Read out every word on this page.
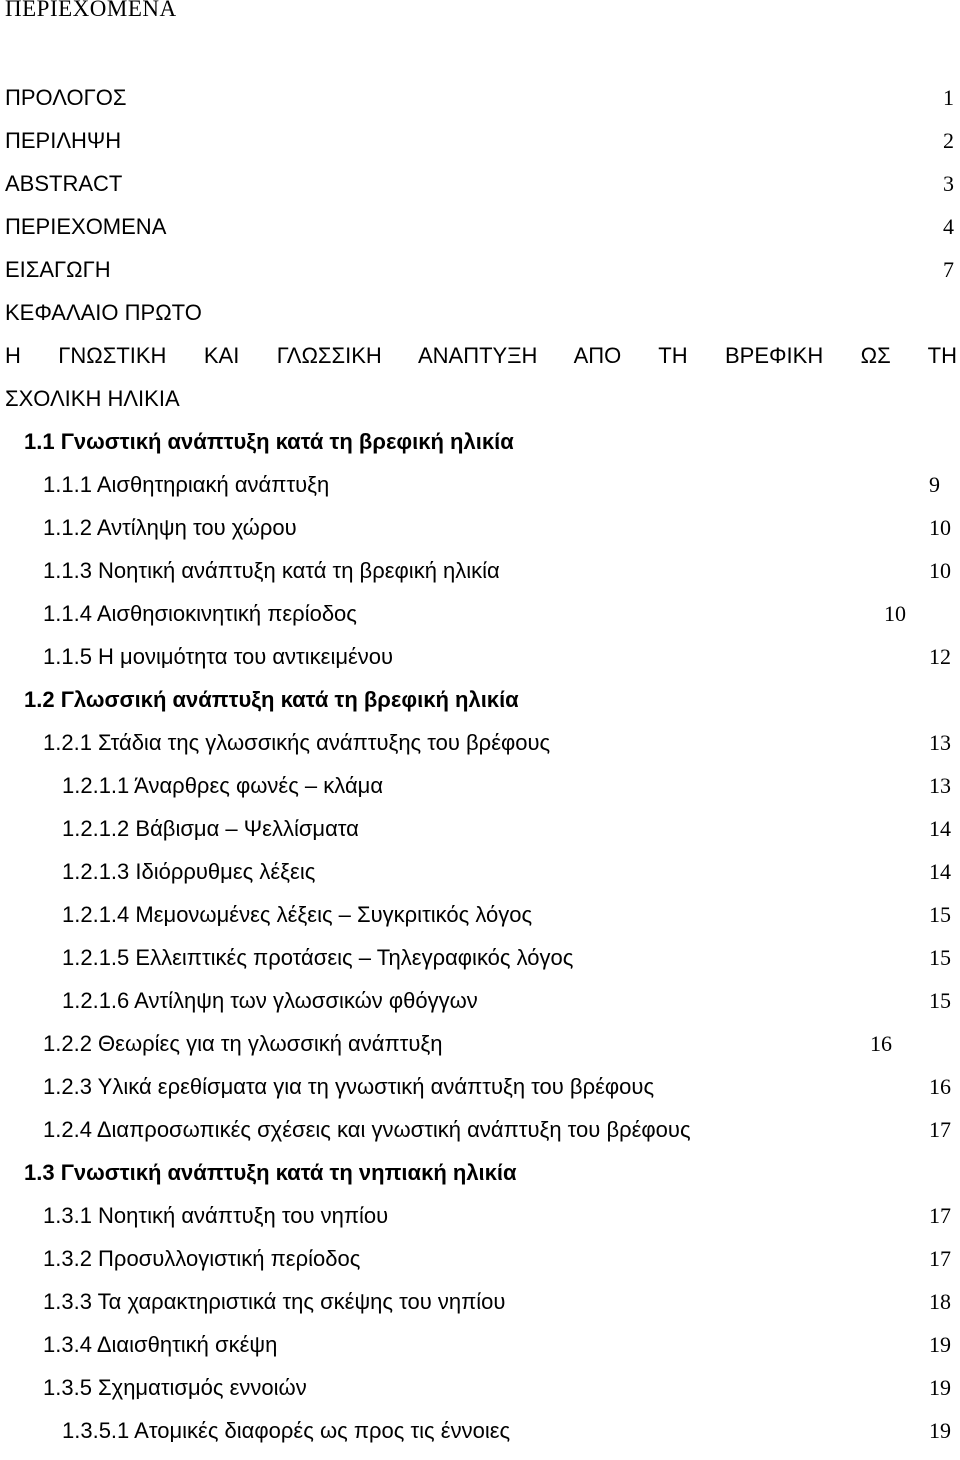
ΠΕΡΙΕΧΟΜΕΝΑ
ΠΡΟΛΟΓΟΣ	1
ΠΕΡΙΛΗΨΗ	2
ABSTRACT	3
ΠΕΡΙΕΧΟΜΕΝΑ	4
ΕΙΣΑΓΩΓΗ	7
ΚΕΦΑΛΑΙΟ ΠΡΩΤΟ
Η ΓΝΩΣΤΙΚΗ ΚΑΙ ΓΛΩΣΣΙΚΗ ΑΝΑΠΤΥΞΗ ΑΠΟ ΤΗ ΒΡΕΦΙΚΗ ΩΣ ΤΗ
ΣΧΟΛΙΚΗ ΗΛΙΚΙΑ
1.1 Γνωστική ανάπτυξη κατά τη βρεφική ηλικία
1.1.1 Αισθητηριακή ανάπτυξη	9
1.1.2 Αντίληψη του χώρου	10
1.1.3 Νοητική ανάπτυξη κατά τη βρεφική ηλικία	10
1.1.4 Αισθησιοκινητική περίοδος	10
1.1.5 Η μονιμότητα του αντικειμένου	12
1.2 Γλωσσική ανάπτυξη κατά τη βρεφική ηλικία
1.2.1 Στάδια της γλωσσικής ανάπτυξης του βρέφους	13
1.2.1.1 Άναρθρες φωνές – κλάμα	13
1.2.1.2 Βάβισμα – Ψελλίσματα	14
1.2.1.3 Ιδιόρρυθμες λέξεις	14
1.2.1.4 Μεμονωμένες λέξεις – Συγκριτικός λόγος	15
1.2.1.5 Ελλειπτικές προτάσεις – Τηλεγραφικός λόγος	15
1.2.1.6 Αντίληψη των γλωσσικών φθόγγων	15
1.2.2 Θεωρίες για τη γλωσσική ανάπτυξη	16
1.2.3 Υλικά ερεθίσματα για τη γνωστική ανάπτυξη του βρέφους	16
1.2.4 Διαπροσωπικές σχέσεις και γνωστική ανάπτυξη του βρέφους	17
1.3 Γνωστική ανάπτυξη κατά τη νηπιακή ηλικία
1.3.1 Νοητική ανάπτυξη του νηπίου	17
1.3.2 Προσυλλογιστική περίοδος	17
1.3.3 Τα χαρακτηριστικά της σκέψης του νηπίου	18
1.3.4 Διαισθητική σκέψη	19
1.3.5 Σχηματισμός εννοιών	19
1.3.5.1 Ατομικές διαφορές ως προς τις έννοιες	19
